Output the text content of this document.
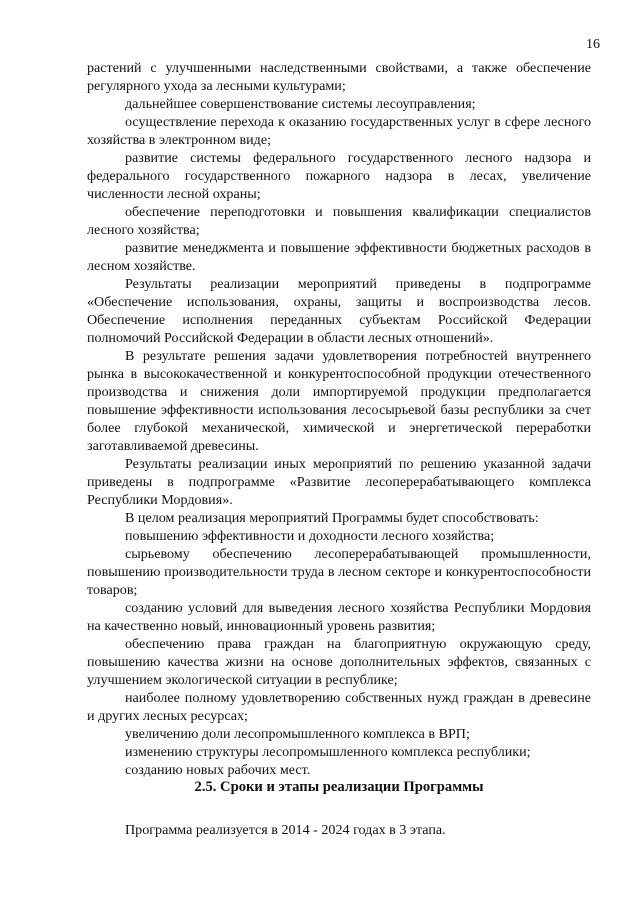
16

растений с улучшенными наследственными свойствами, а также обеспечение регулярного ухода за лесными культурами;

дальнейшее совершенствование системы лесоуправления;

осуществление перехода к оказанию государственных услуг в сфере лесного хозяйства в электронном виде;

развитие системы федерального государственного лесного надзора и федерального государственного пожарного надзора в лесах, увеличение численности лесной охраны;

обеспечение переподготовки и повышения квалификации специалистов лесного хозяйства;

развитие менеджмента и повышение эффективности бюджетных расходов в лесном хозяйстве.

Результаты реализации мероприятий приведены в подпрограмме «Обеспечение использования, охраны, защиты и воспроизводства лесов. Обеспечение исполнения переданных субъектам Российской Федерации полномочий Российской Федерации в области лесных отношений».

В результате решения задачи удовлетворения потребностей внутреннего рынка в высококачественной и конкурентоспособной продукции отечественного производства и снижения доли импортируемой продукции предполагается повышение эффективности использования лесосырьевой базы республики за счет более глубокой механической, химической и энергетической переработки заготавливаемой древесины.

Результаты реализации иных мероприятий по решению указанной задачи приведены в подпрограмме «Развитие лесоперерабатывающего комплекса Республики Мордовия».

В целом реализация мероприятий Программы будет способствовать:

повышению эффективности и доходности лесного хозяйства;

сырьевому обеспечению лесоперерабатывающей промышленности, повышению производительности труда в лесном секторе и конкурентоспособности товаров;

созданию условий для выведения лесного хозяйства Республики Мордовия на качественно новый, инновационный уровень развития;

обеспечению права граждан на благоприятную окружающую среду, повышению качества жизни на основе дополнительных эффектов, связанных с улучшением экологической ситуации в республике;

наиболее полному удовлетворению собственных нужд граждан в древесине и других лесных ресурсах;

увеличению доли лесопромышленного комплекса в ВРП;

изменению структуры лесопромышленного комплекса республики;

созданию новых рабочих мест.

2.5. Сроки и этапы реализации Программы
Программа реализуется в 2014 - 2024 годах в 3 этапа.
